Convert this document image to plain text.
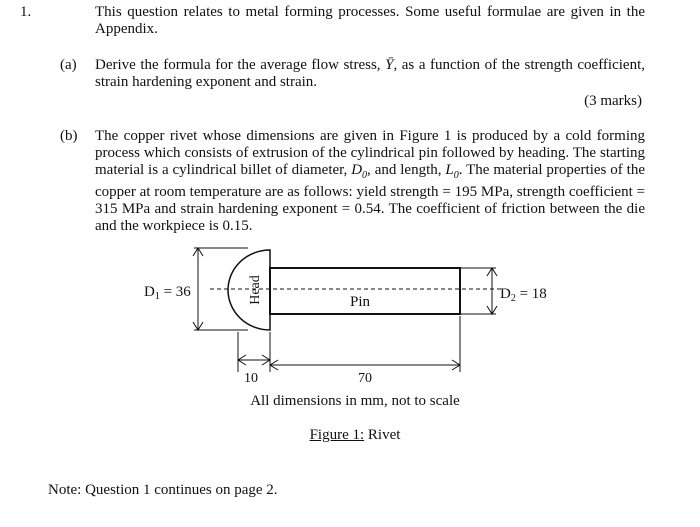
1.	This question relates to metal forming processes. Some useful formulae are given in the Appendix.
(a) Derive the formula for the average flow stress, Ȳ, as a function of the strength coefficient, strain hardening exponent and strain.
(3 marks)
(b) The copper rivet whose dimensions are given in Figure 1 is produced by a cold forming process which consists of extrusion of the cylindrical pin followed by heading. The starting material is a cylindrical billet of diameter, $D_0$, and length, $L_0$. The material properties of the copper at room temperature are as follows: yield strength = 195 MPa, strength coefficient = 315 MPa and strain hardening exponent = 0.54. The coefficient of friction between the die and the workpiece is 0.15.
$D_1 = 36$	Head	Pin	$D_2 = 18$
10	70
All dimensions in mm, not to scale
Figure 1: Rivet
Note: Question 1 continues on page 2.
